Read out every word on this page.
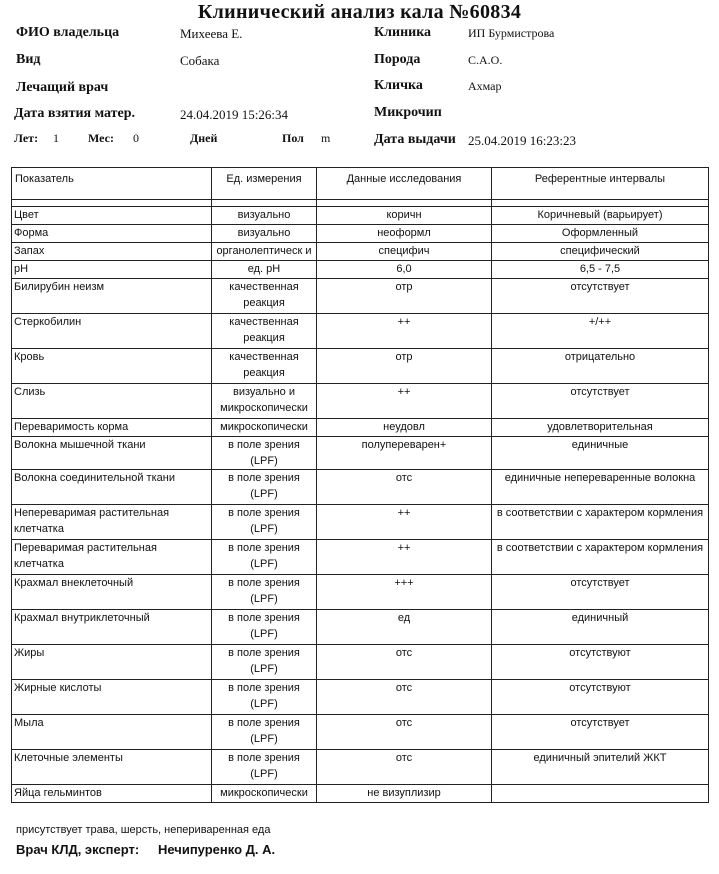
Клинический анализ кала №60834
ФИО владельца	Михеева Е.
Вид	Собака
Лечащий врач
Дата взятия матер.	24.04.2019 15:26:34
Лет: 1 Мес: 0	Дней	Пол m
Клиника	ИП Бурмистрова
Порода	С.А.О.
Кличка	Ахмар
Микрочип
Дата выдачи 25.04.2019 16:23:23
Показатель	Ед. измерения	Данные исследования	Референтные интервалы

Цвет	визуально	коричн	Коричневый (варьирует)
Форма	визуально	неоформл	Оформленный
Запах	органолептическ и	специфич	специфический
pH	ед. pH	6,0	6,5 - 7,5
Билирубин неизм	качественная реакция	отр	отсутствует
Стеркобилин	качественная реакция	++	+/++
Кровь	качественная реакция	отр	отрицательно
Слизь	визуально и микроскопически	++	отсутствует
Переваримость корма	микроскопически	неудовл	удовлетворительная
Волокна мышечной ткани	в поле зрения (LPF)	полупереварен+	единичные
Волокна соединительной ткани	в поле зрения (LPF)	отс	единичные непереваренные волокна
Непереваримая растительная клетчатка	в поле зрения (LPF)	++	в соответствии с характером кормления
Переваримая растительная клетчатка	в поле зрения (LPF)	++	в соответствии с характером кормления
Крахмал внеклеточный	в поле зрения (LPF)	+++	отсутствует
Крахмал внутриклеточный	в поле зрения (LPF)	ед	единичный
Жиры	в поле зрения (LPF)	отс	отсутствуют
Жирные кислоты	в поле зрения (LPF)	отс	отсутствуют
Мыла	в поле зрения (LPF)	отс	отсутствует
Клеточные элементы	в поле зрения (LPF)	отс	единичный эпителий ЖКТ
Яйца гельминтов	микроскопически	не визуплизир	
присутствует трава, шерсть, непериваренная еда
Врач КЛД, эксперт: Нечипуренко Д. А.
